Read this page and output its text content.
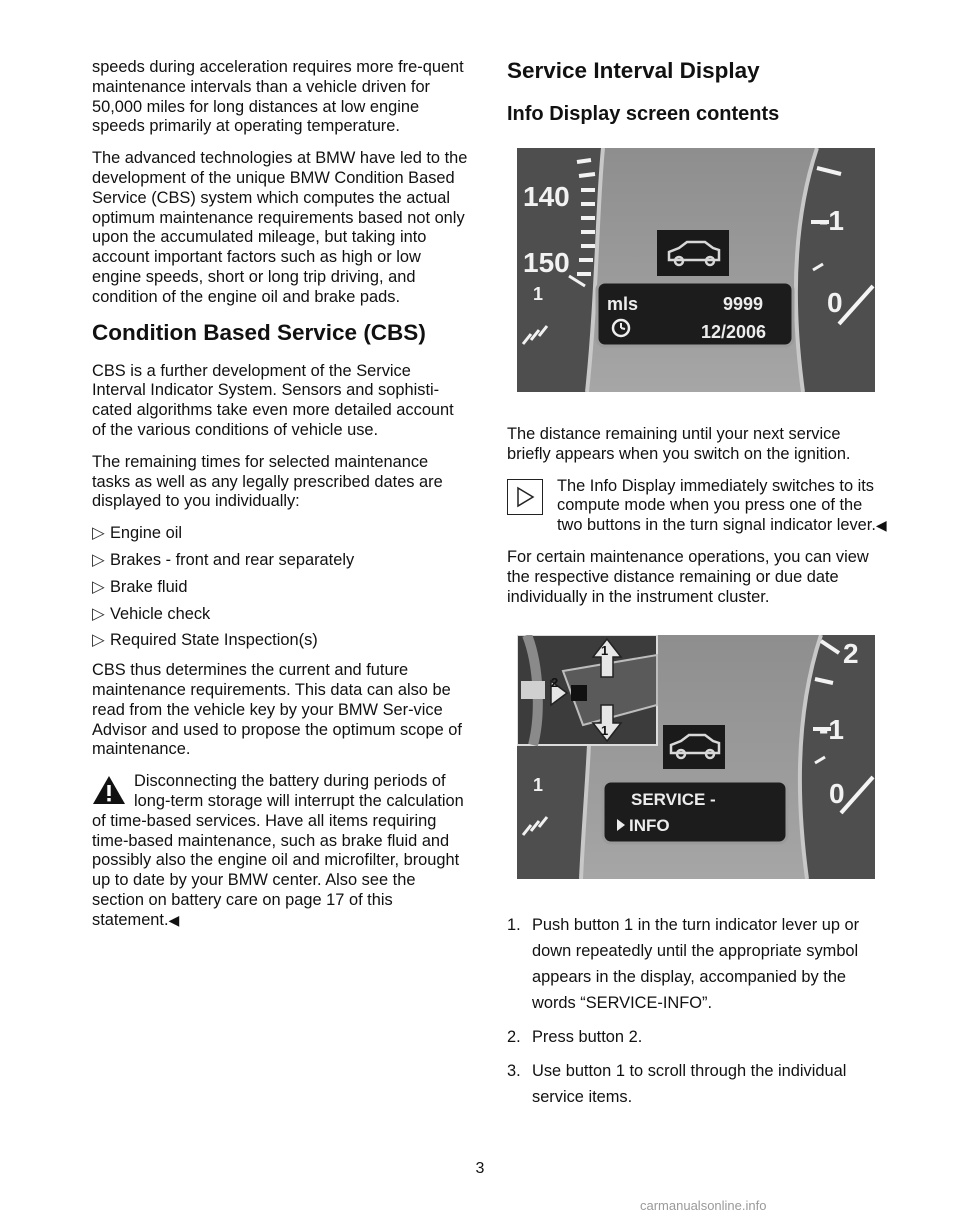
speeds during acceleration requires more fre-quent maintenance intervals than a vehicle driven for 50,000 miles for long distances at low engine speeds primarily at operating temperature.

The advanced technologies at BMW have led to the development of the unique BMW Condition Based Service (CBS) system which computes the actual optimum maintenance requirements based not only upon the accumulated mileage, but taking into account important factors such as high or low engine speeds, short or long trip driving, and condition of the engine oil and brake pads.

Condition Based Service (CBS)

CBS is a further development of the Service Interval Indicator System. Sensors and sophisti-cated algorithms take even more detailed account of the various conditions of vehicle use.

The remaining times for selected maintenance tasks as well as any legally prescribed dates are displayed to you individually:

▷ Engine oil
▷ Brakes - front and rear separately
▷ Brake fluid
▷ Vehicle check
▷ Required State Inspection(s)

CBS thus determines the current and future maintenance requirements. This data can also be read from the vehicle key by your BMW Ser-vice Advisor and used to propose the optimum scope of maintenance.

Disconnecting the battery during periods of long-term storage will interrupt the calculation of time-based services. Have all items requiring time-based maintenance, such as brake fluid and possibly also the engine oil and microfilter, brought up to date by your BMW center. Also see the section on battery care on page 17 of this statement.◀

Service Interval Display
Info Display screen contents
140
150
1
-1
0
mls	9999
12/2006

The distance remaining until your next service briefly appears when you switch on the ignition.

The Info Display immediately switches to its compute mode when you press one of the two buttons in the turn signal indicator lever.◀

For certain maintenance operations, you can view the respective distance remaining or due date individually in the instrument cluster.

1
1
1
2
2
-1
0
SERVICE -
INFO
1. Push button 1 in the turn indicator lever up or down repeatedly until the appropriate symbol appears in the display, accompanied by the words “SERVICE-INFO”.
2. Press button 2.
3. Use button 1 to scroll through the individual service items.
3
carmanualsonline.info
